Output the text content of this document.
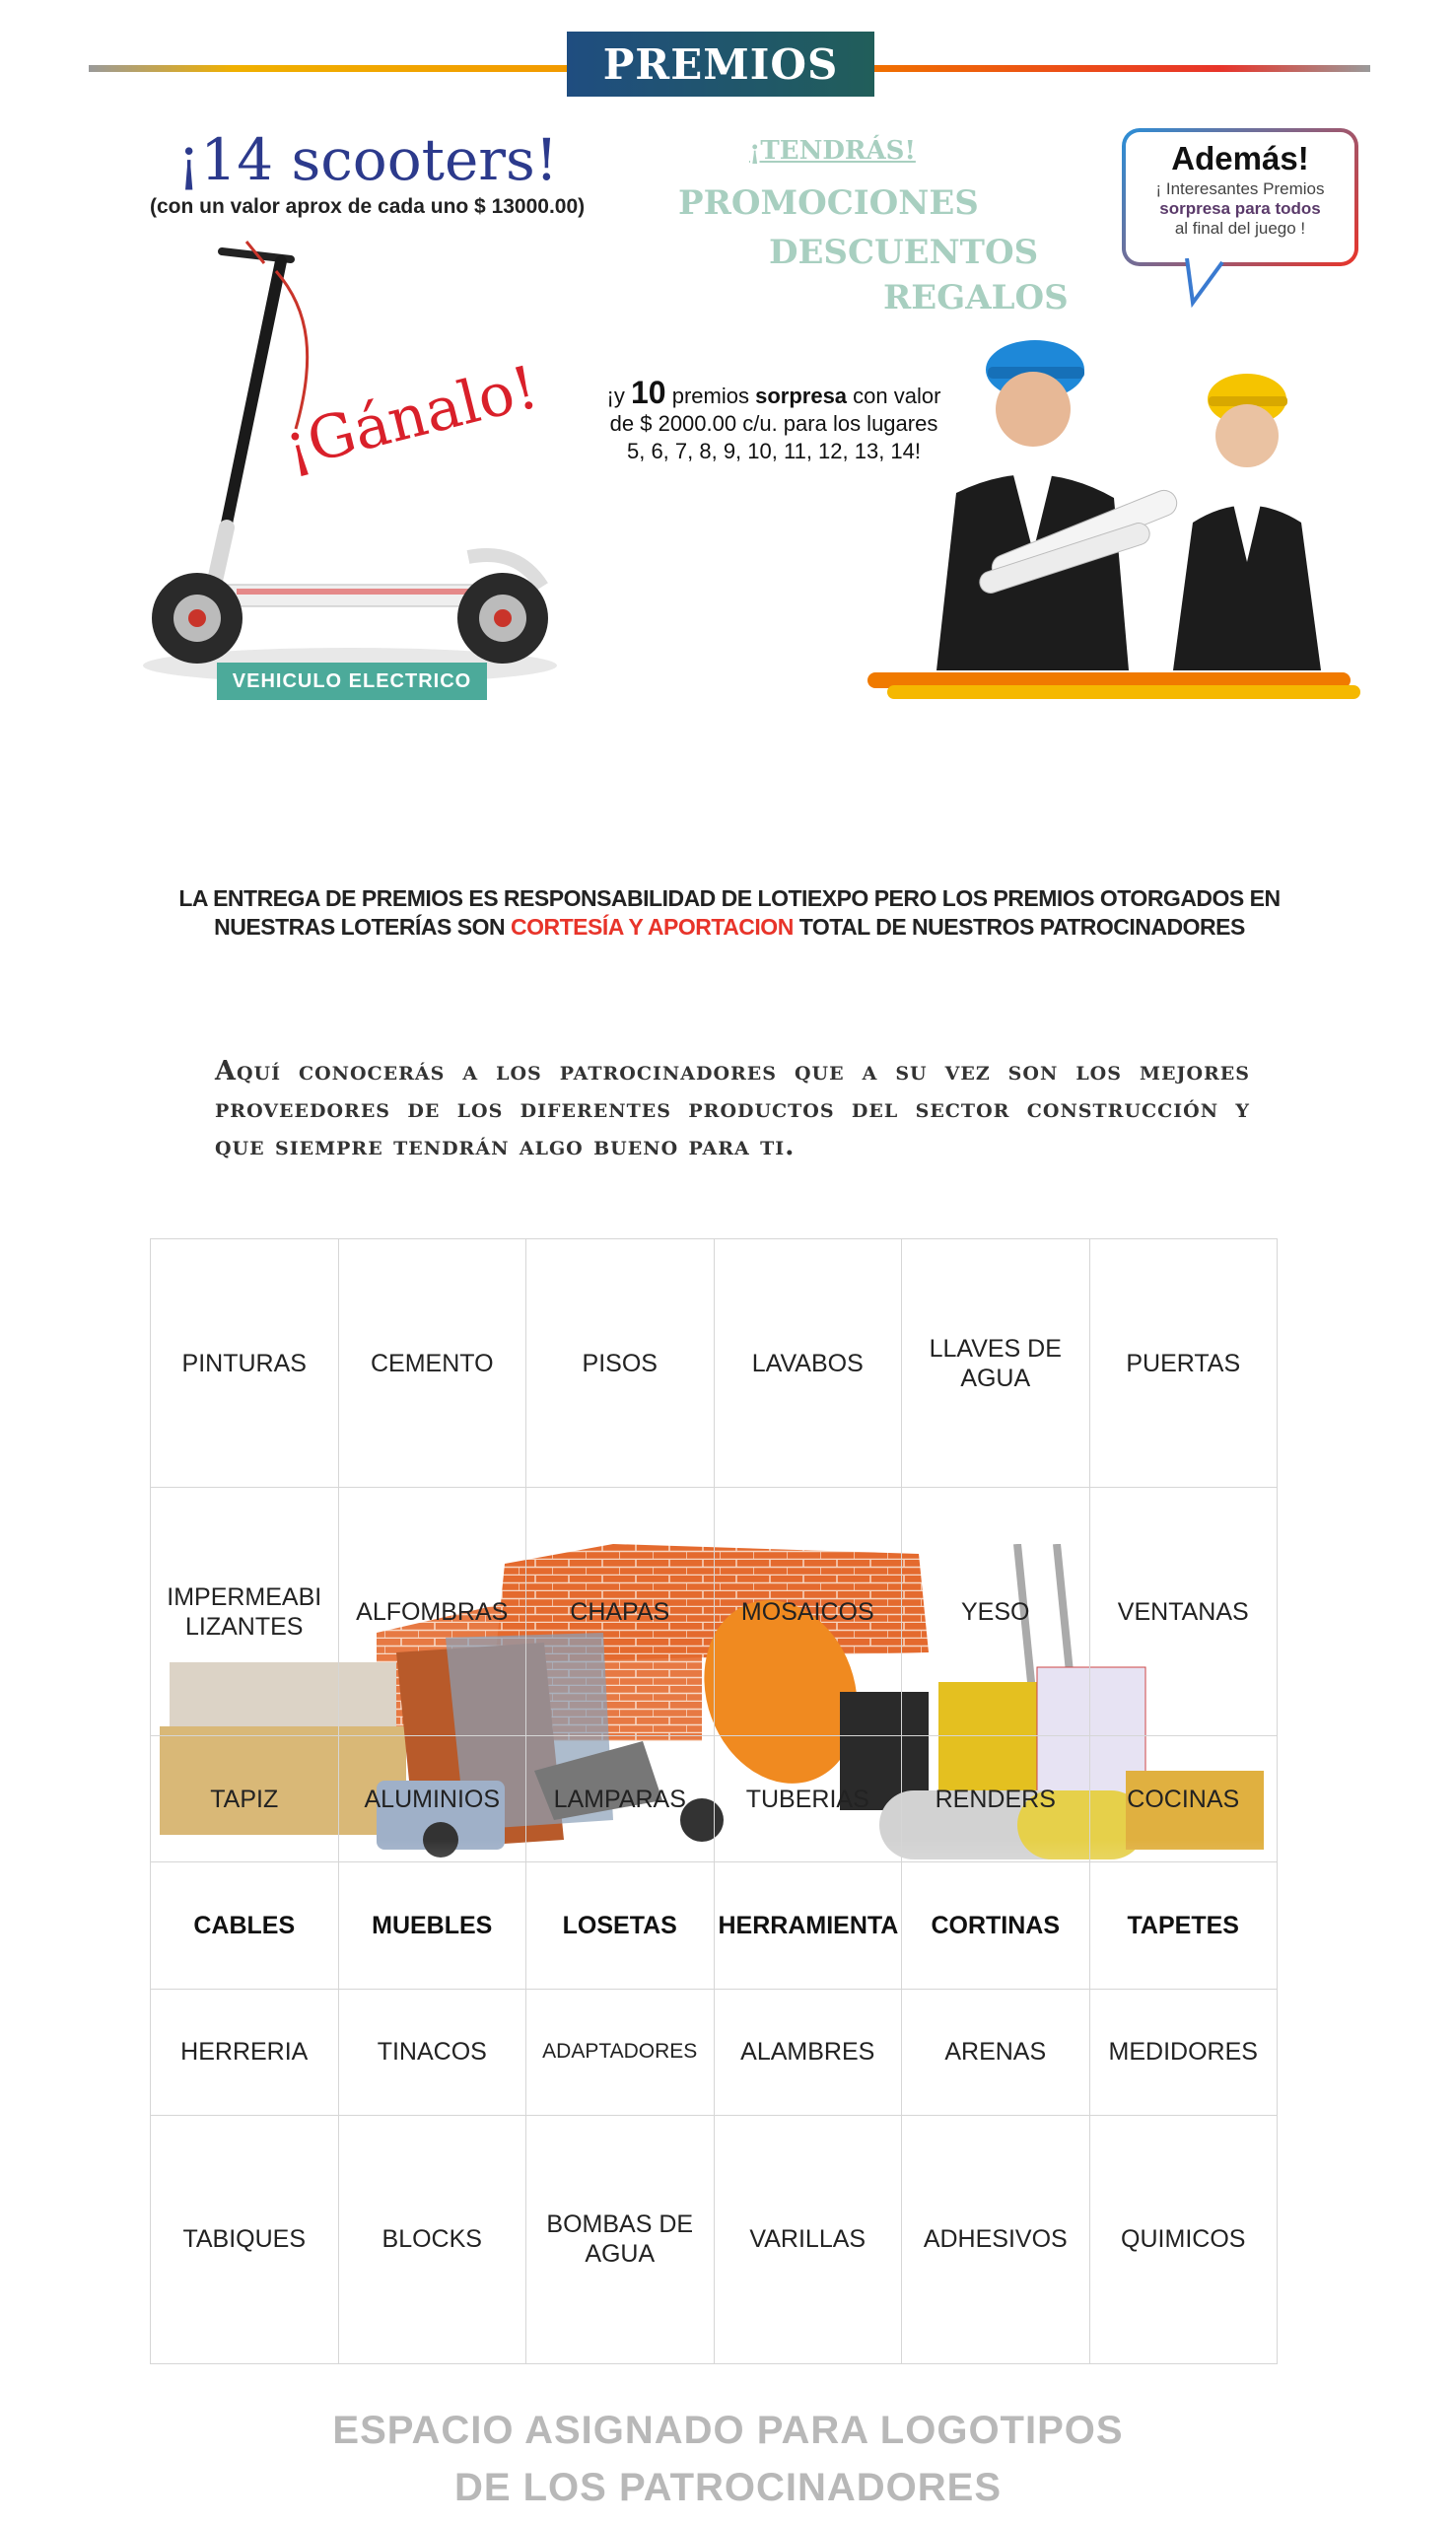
PREMIOS
¡14 scooters!
(con un valor aprox de cada uno $ 13000.00)
¡Gánalo!
VEHICULO ELECTRICO
¡TENDRÁS!
PROMOCIONES
DESCUENTOS
REGALOS
Además!
¡ Interesantes Premios
sorpresa para todos
al final del juego !
¡y 10 premios sorpresa con valor de $ 2000.00 c/u. para los lugares 5, 6, 7, 8, 9, 10, 11, 12, 13, 14!
LA ENTREGA DE PREMIOS ES RESPONSABILIDAD DE LOTIEXPO PERO LOS PREMIOS OTORGADOS EN NUESTRAS LOTERÍAS SON CORTESÍA Y APORTACION TOTAL DE NUESTROS PATROCINADORES
Aquí conocerás a los patrocinadores que a su vez son los mejores proveedores de los diferentes productos del sector construcción y que siempre tendrán algo bueno para ti.
PINTURAS	CEMENTO	PISOS	LAVABOS	LLAVES DE AGUA	PUERTAS
IMPERMEABI LIZANTES	ALFOMBRAS	CHAPAS	MOSAICOS	YESO	VENTANAS
TAPIZ	ALUMINIOS	LAMPARAS	TUBERIAS	RENDERS	COCINAS
CABLES	MUEBLES	LOSETAS	HERRAMIENTA	CORTINAS	TAPETES
HERRERIA	TINACOS	ADAPTADORES	ALAMBRES	ARENAS	MEDIDORES
TABIQUES	BLOCKS	BOMBAS DE AGUA	VARILLAS	ADHESIVOS	QUIMICOS
ESPACIO ASIGNADO PARA LOGOTIPOS
DE LOS PATROCINADORES
